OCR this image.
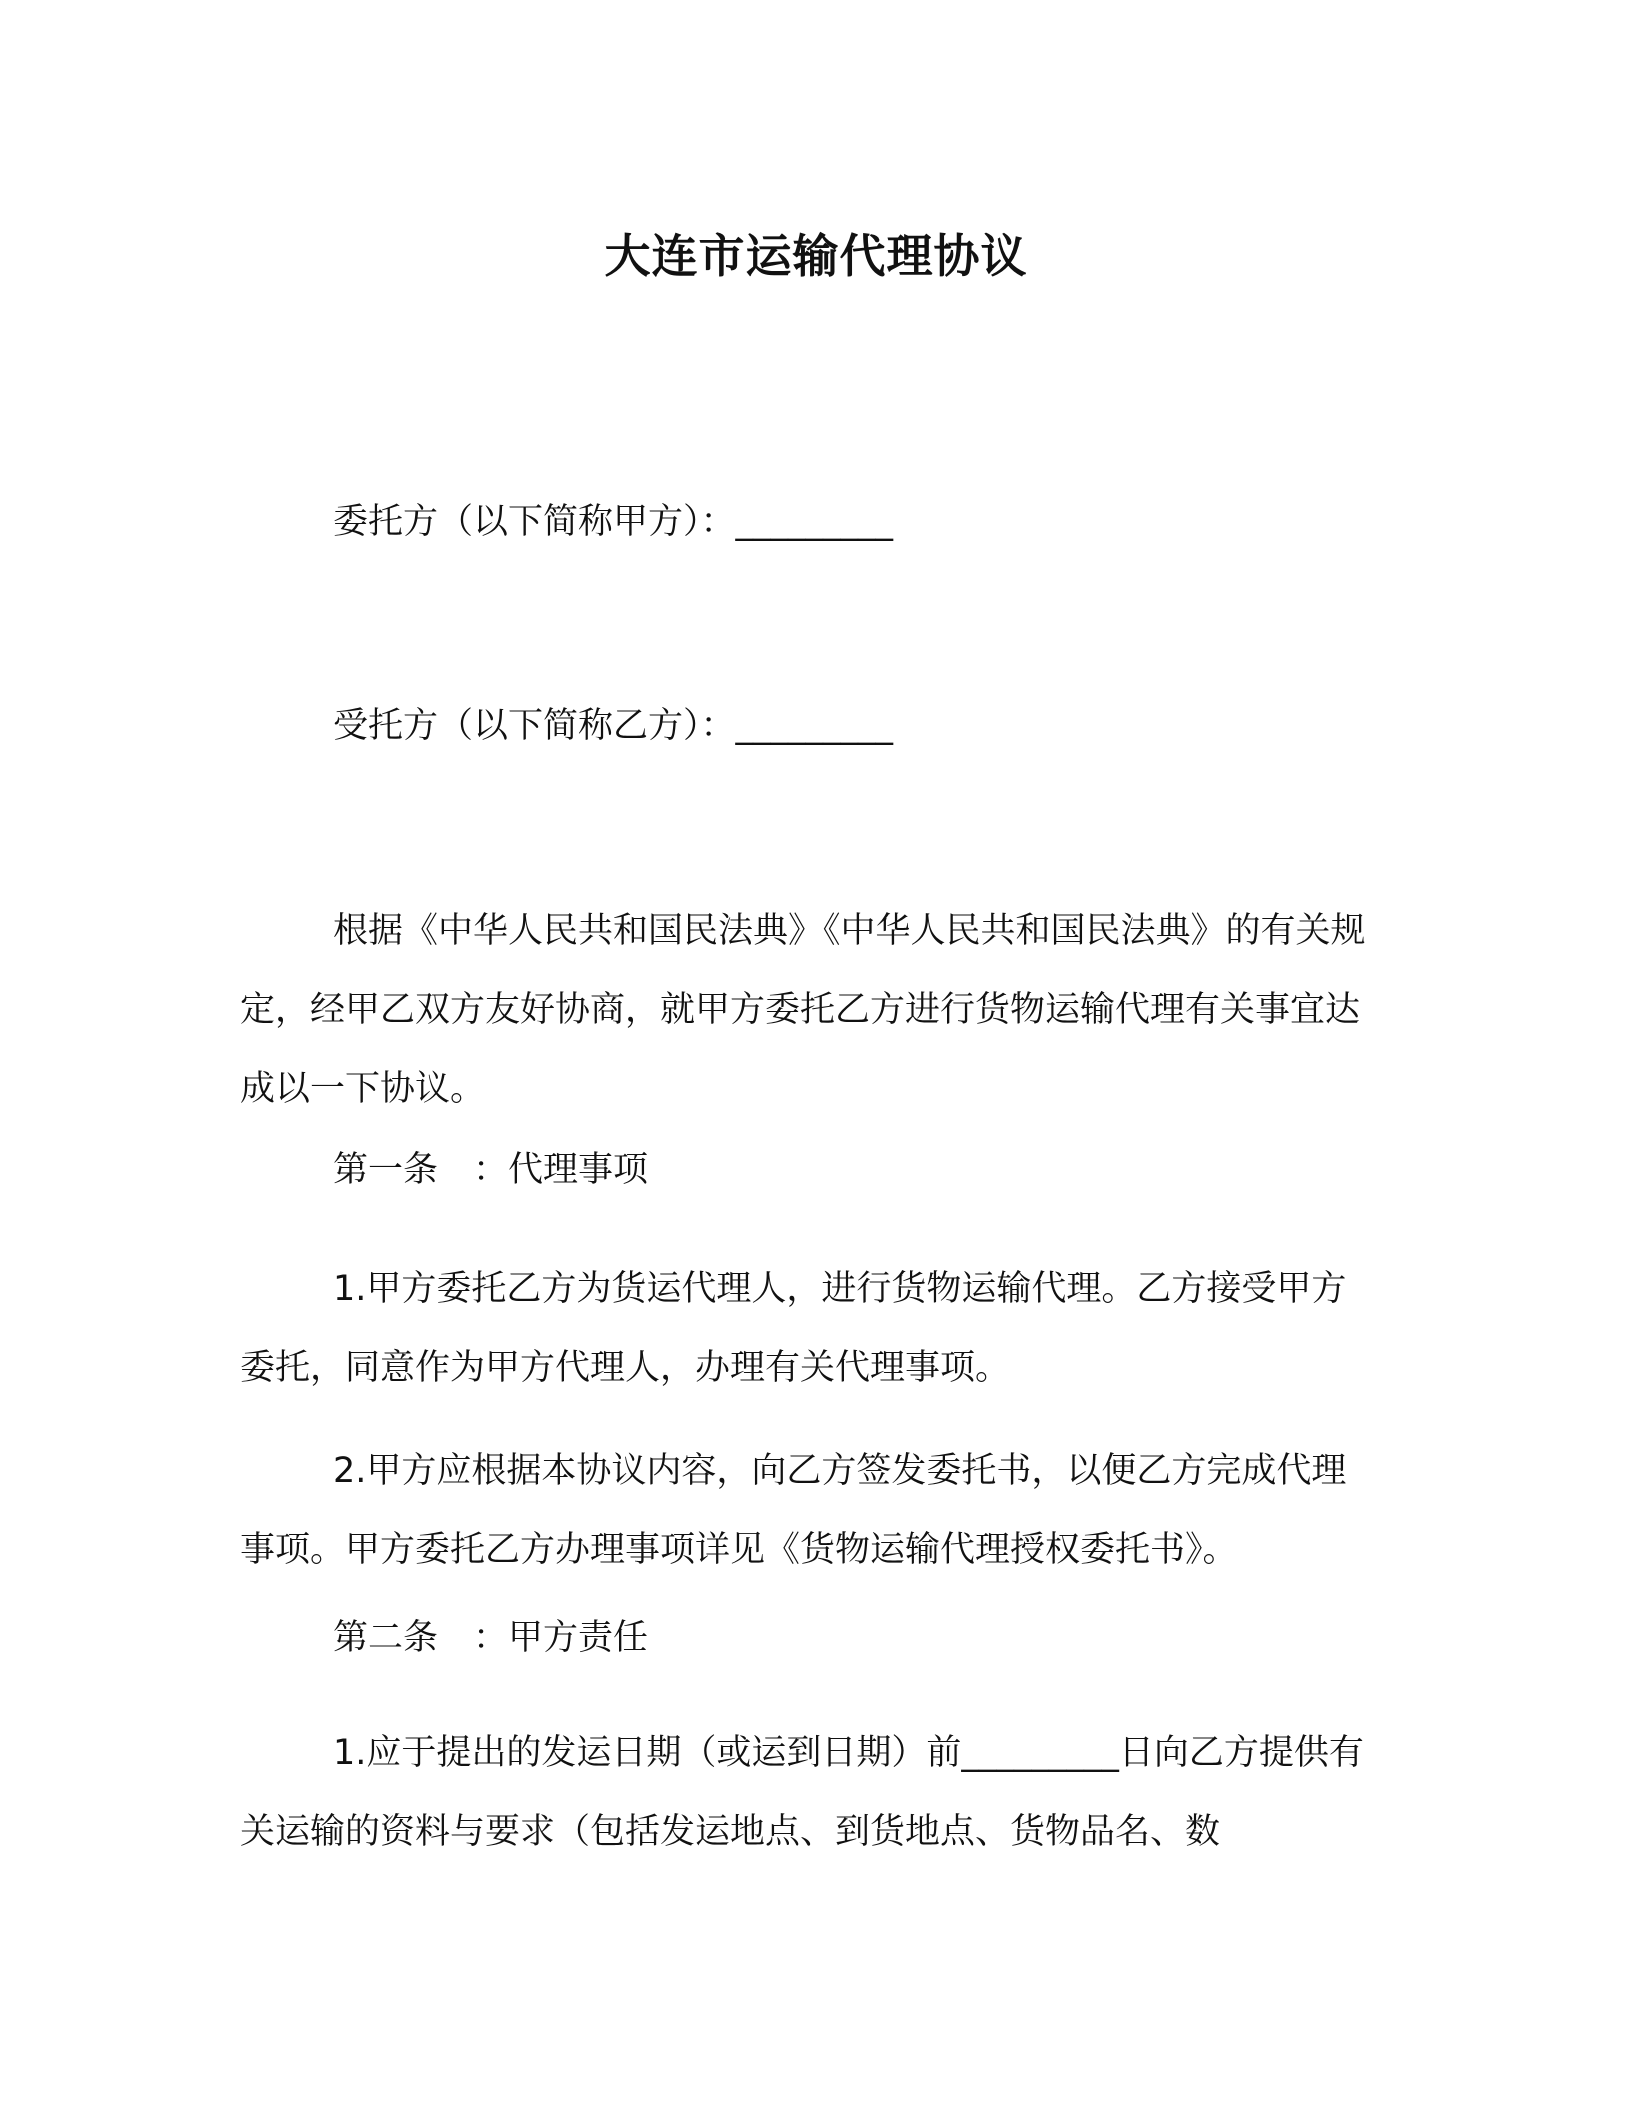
大连市运输代理协议

委托方（以下简称甲方）：_________

受托方（以下简称乙方）：_________

根据《中华人民共和国民法典》《中华人民共和国民法典》的有关规定，经甲乙双方友好协商，就甲方委托乙方进行货物运输代理有关事宜达成以一下协议。

第一条　：代理事项

1.甲方委托乙方为货运代理人，进行货物运输代理。乙方接受甲方委托，同意作为甲方代理人，办理有关代理事项。

2.甲方应根据本协议内容，向乙方签发委托书，以便乙方完成代理事项。甲方委托乙方办理事项详见《货物运输代理授权委托书》。

第二条　：甲方责任

1.应于提出的发运日期（或运到日期）前_________日向乙方提供有关运输的资料与要求（包括发运地点、到货地点、货物品名、数
